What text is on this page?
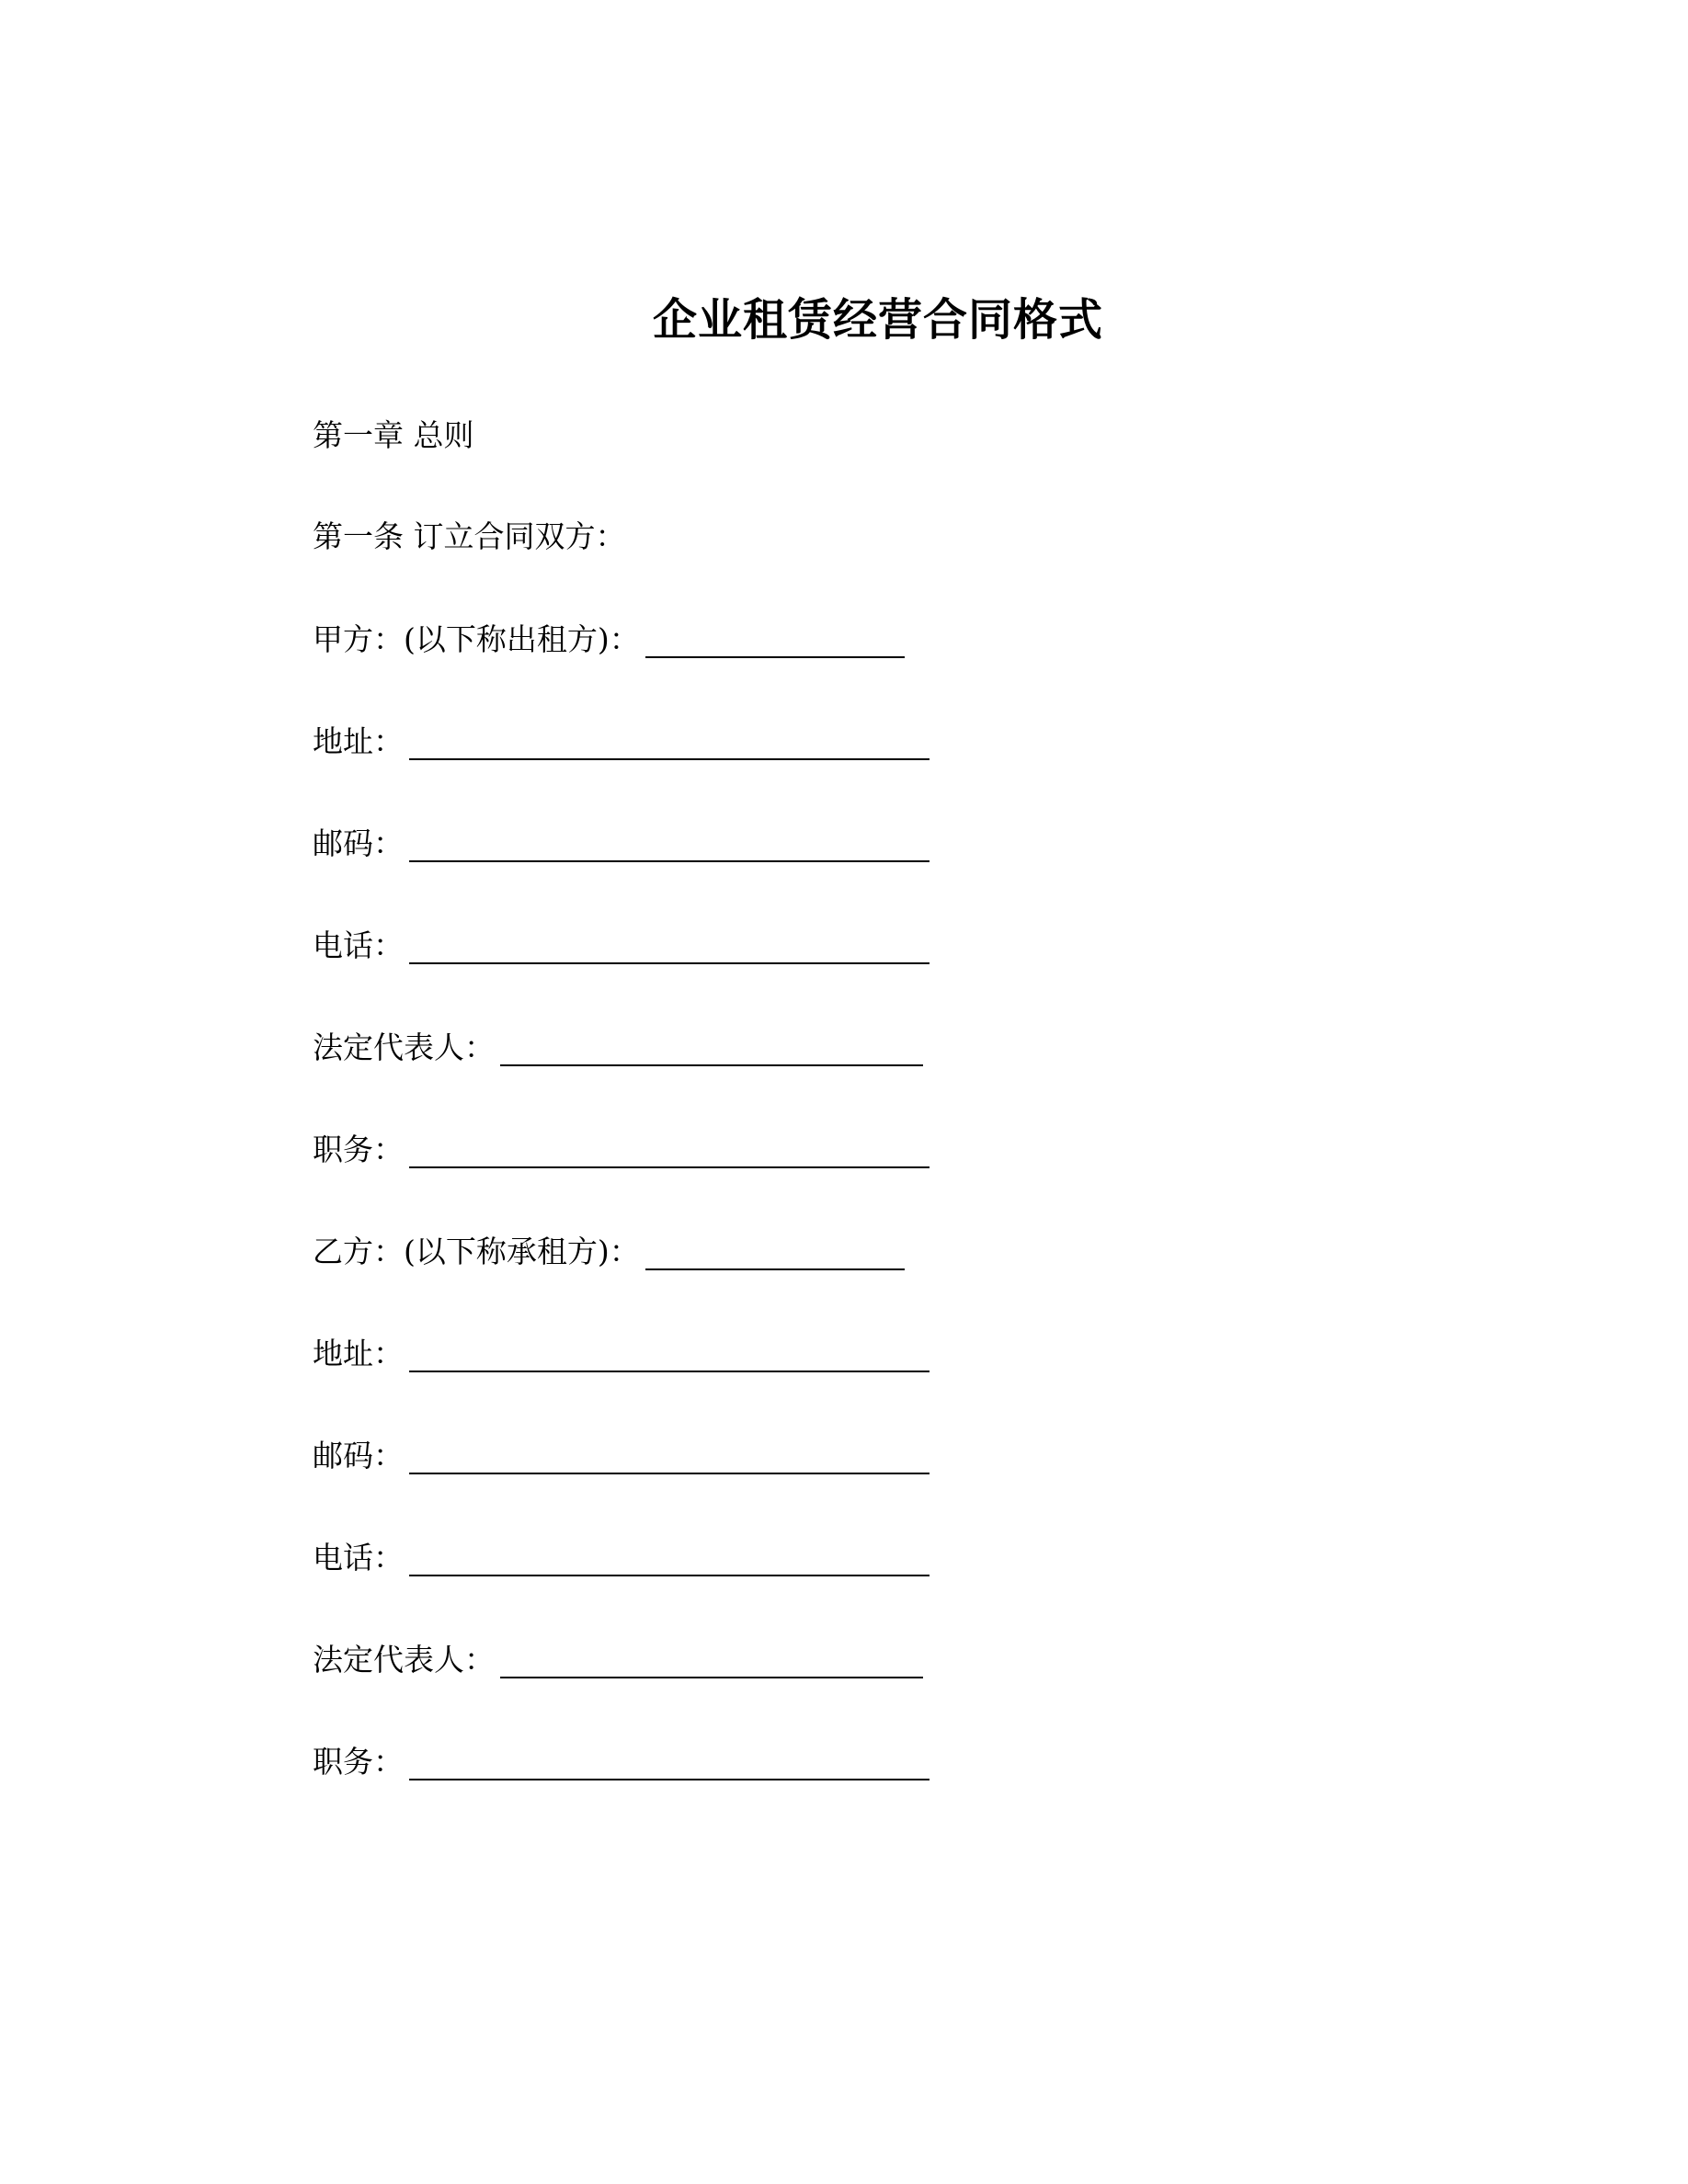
企业租赁经营合同格式
第一章 总则
第一条 订立合同双方：
甲方：(以下称出租方)：
地址：
邮码：
电话：
法定代表人：
职务：
乙方：(以下称承租方)：
地址：
邮码：
电话：
法定代表人：
职务：
